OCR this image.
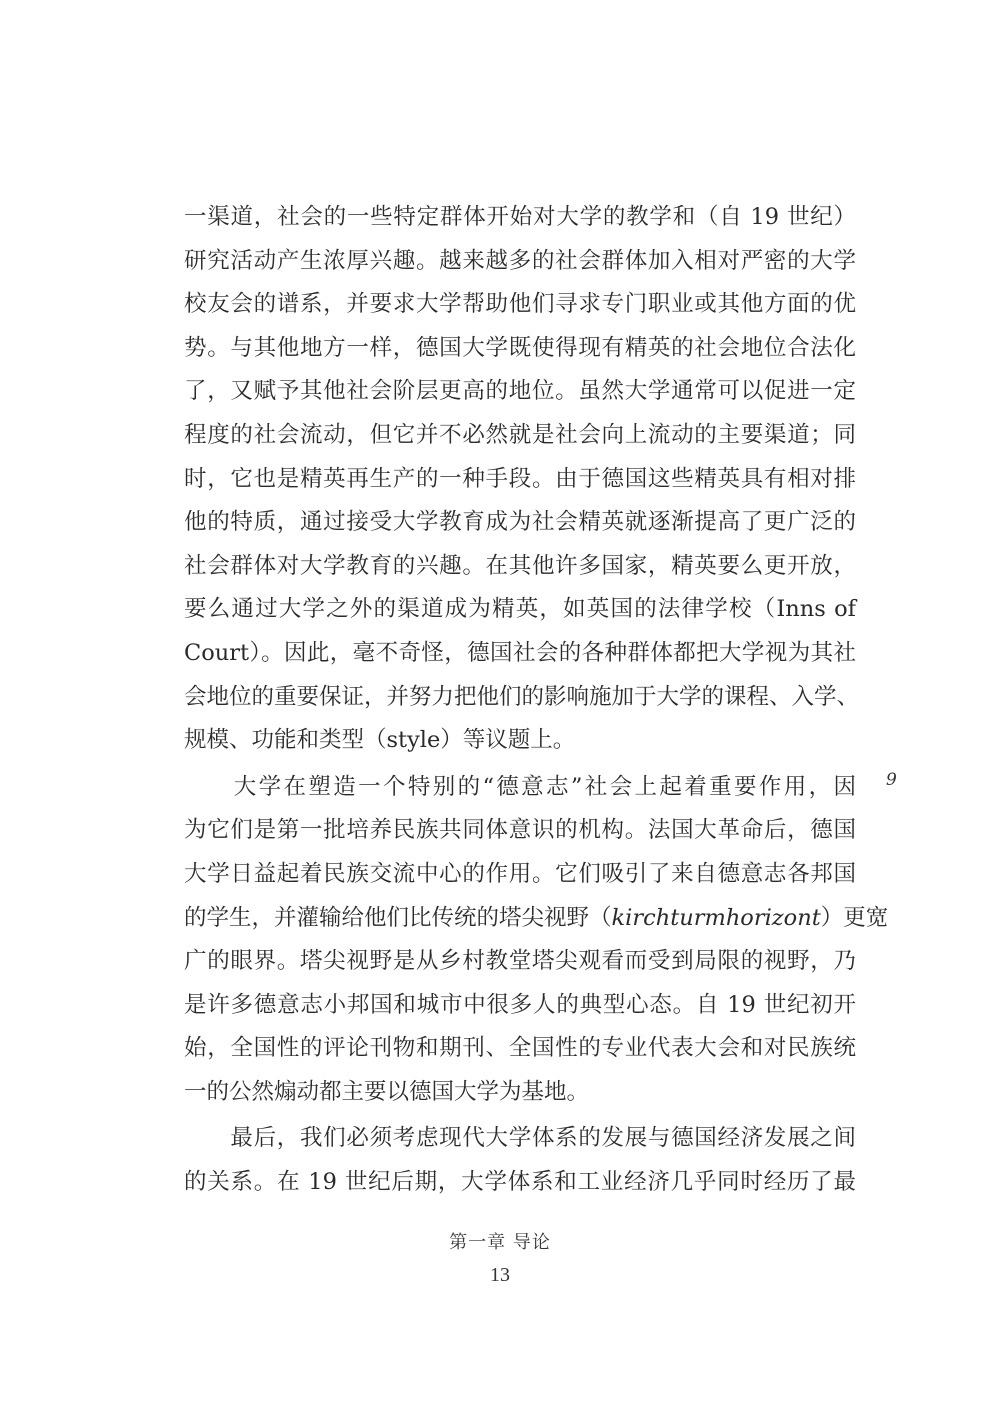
一渠道，社会的一些特定群体开始对大学的教学和（自 19 世纪）
研究活动产生浓厚兴趣。越来越多的社会群体加入相对严密的大学
校友会的谱系，并要求大学帮助他们寻求专门职业或其他方面的优
势。与其他地方一样，德国大学既使得现有精英的社会地位合法化
了，又赋予其他社会阶层更高的地位。虽然大学通常可以促进一定
程度的社会流动，但它并不必然就是社会向上流动的主要渠道；同
时，它也是精英再生产的一种手段。由于德国这些精英具有相对排
他的特质，通过接受大学教育成为社会精英就逐渐提高了更广泛的
社会群体对大学教育的兴趣。在其他许多国家，精英要么更开放，
要么通过大学之外的渠道成为精英，如英国的法律学校（Inns of
Court）。因此，毫不奇怪，德国社会的各种群体都把大学视为其社
会地位的重要保证，并努力把他们的影响施加于大学的课程、入学、
规模、功能和类型（style）等议题上。
　　大学在塑造一个特别的“德意志”社会上起着重要作用，因
为它们是第一批培养民族共同体意识的机构。法国大革命后，德国
大学日益起着民族交流中心的作用。它们吸引了来自德意志各邦国
的学生，并灌输给他们比传统的塔尖视野（kirchturmhorizont）更宽
广的眼界。塔尖视野是从乡村教堂塔尖观看而受到局限的视野，乃
是许多德意志小邦国和城市中很多人的典型心态。自 19 世纪初开
始，全国性的评论刊物和期刊、全国性的专业代表大会和对民族统
一的公然煽动都主要以德国大学为基地。
　　最后，我们必须考虑现代大学体系的发展与德国经济发展之间
的关系。在 19 世纪后期，大学体系和工业经济几乎同时经历了最
9
第一章 导论
13
